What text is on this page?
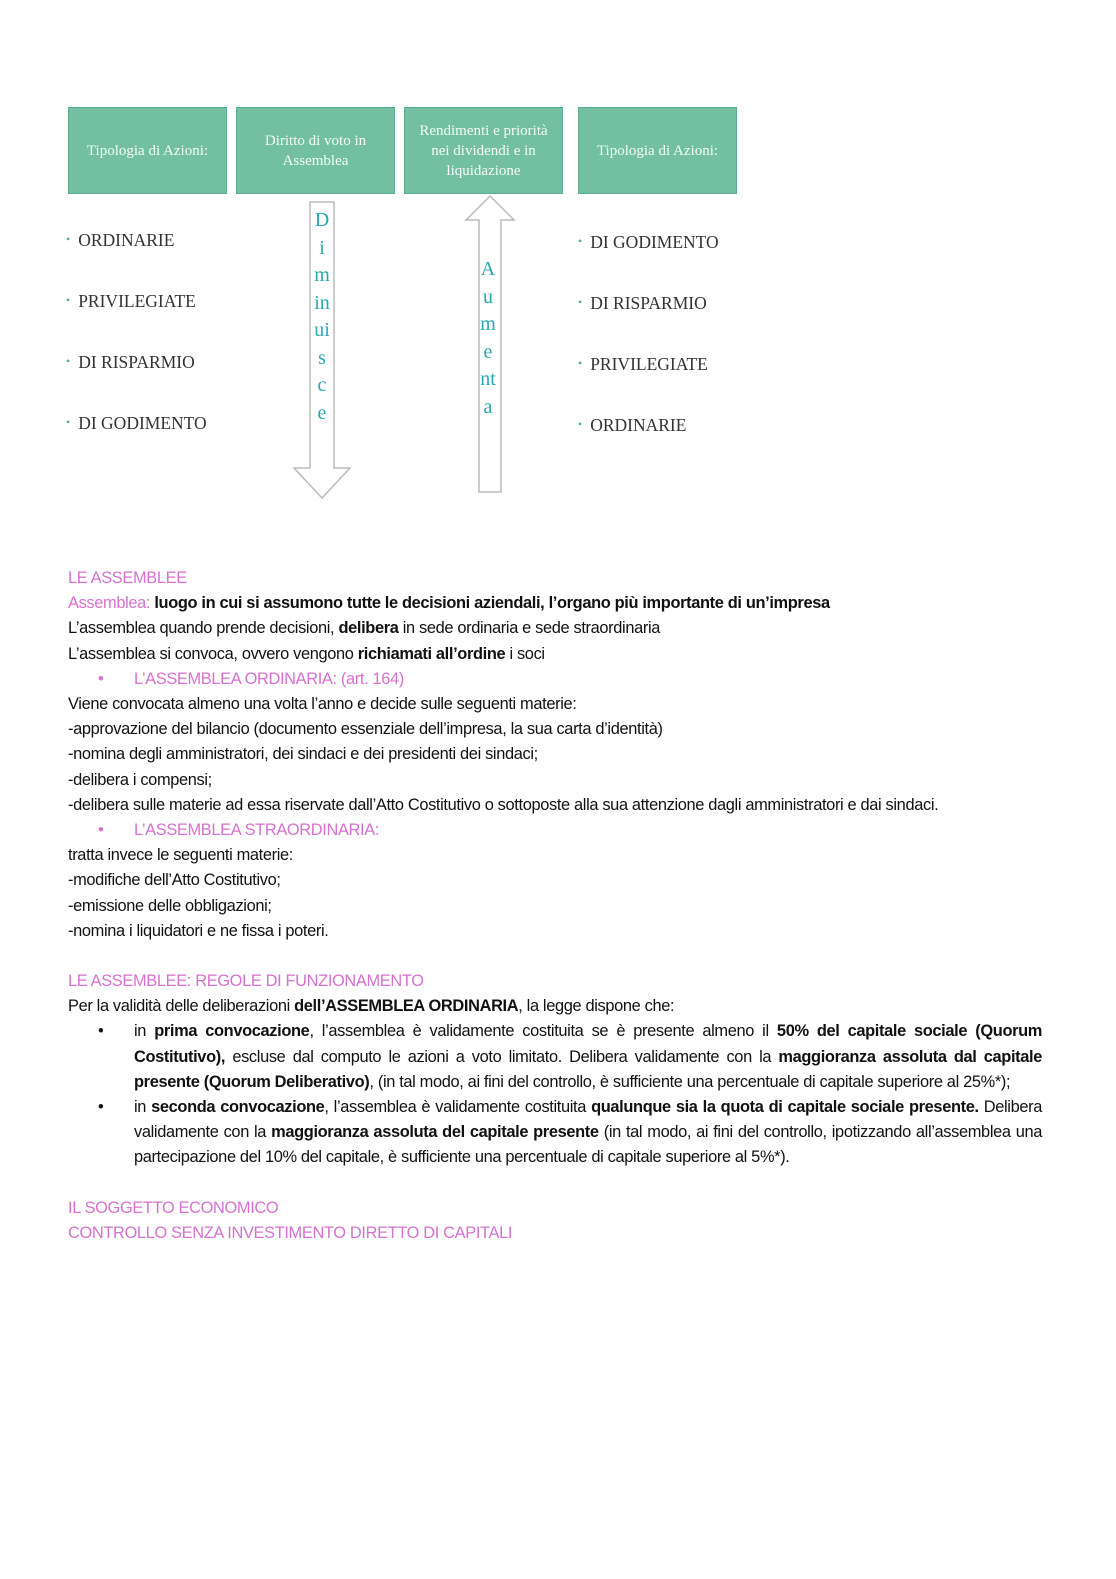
Tipologia di Azioni:
Diritto di voto in Assemblea
Rendimenti e priorità nei dividendi e in liquidazione
Tipologia di Azioni:
• ORDINARIE
• PRIVILEGIATE
• DI RISPARMIO
• DI GODIMENTO
• DI GODIMENTO
• DI RISPARMIO
• PRIVILEGIATE
• ORDINARIE
Diminuisce
Aumenta
LE ASSEMBLEE
Assemblea: luogo in cui si assumono tutte le decisioni aziendali, l’organo più importante di un’impresa
L’assemblea quando prende decisioni, delibera in sede ordinaria e sede straordinaria
L’assemblea si convoca, ovvero vengono richiamati all’ordine i soci
• L’ASSEMBLEA ORDINARIA: (art. 164)
Viene convocata almeno una volta l’anno e decide sulle seguenti materie:
-approvazione del bilancio (documento essenziale dell’impresa, la sua carta d’identità)
-nomina degli amministratori, dei sindaci e dei presidenti dei sindaci;
-delibera i compensi;
-delibera sulle materie ad essa riservate dall’Atto Costitutivo o sottoposte alla sua attenzione dagli amministratori e dai sindaci.
• L’ASSEMBLEA STRAORDINARIA:
tratta invece le seguenti materie:
-modifiche dell’Atto Costitutivo;
-emissione delle obbligazioni;
-nomina i liquidatori e ne fissa i poteri.
LE ASSEMBLEE: REGOLE DI FUNZIONAMENTO
Per la validità delle deliberazioni dell’ASSEMBLEA ORDINARIA, la legge dispone che:
• in prima convocazione, l’assemblea è validamente costituita se è presente almeno il 50% del capitale sociale (Quorum Costitutivo), escluse dal computo le azioni a voto limitato. Delibera validamente con la maggioranza assoluta dal capitale presente (Quorum Deliberativo), (in tal modo, ai fini del controllo, è sufficiente una percentuale di capitale superiore al 25%*);
• in seconda convocazione, l’assemblea è validamente costituita qualunque sia la quota di capitale sociale presente. Delibera validamente con la maggioranza assoluta del capitale presente (in tal modo, ai fini del controllo, ipotizzando all’assemblea una partecipazione del 10% del capitale, è sufficiente una percentuale di capitale superiore al 5%*).
IL SOGGETTO ECONOMICO
CONTROLLO SENZA INVESTIMENTO DIRETTO DI CAPITALI
